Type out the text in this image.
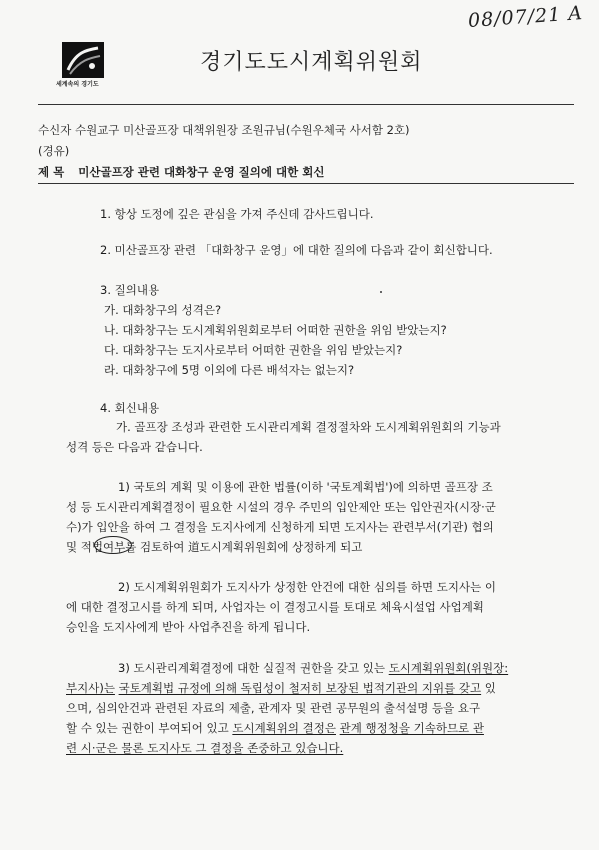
08/07/21 A
세계속의 경기도
경기도도시계획위원회
수신자 수원교구 미산골프장 대책위원장 조원규님(수원우체국 사서함 2호)
(경유)
제 목 미산골프장 관련 대화창구 운영 질의에 대한 회신
1. 항상 도정에 깊은 관심을 가져 주신데 감사드립니다.
2. 미산골프장 관련 「대화창구 운영」에 대한 질의에 다음과 같이 회신합니다.
3. 질의내용
가. 대화창구의 성격은?
나. 대화창구는 도시계획위원회로부터 어떠한 권한을 위임 받았는지?
다. 대화창구는 도지사로부터 어떠한 권한을 위임 받았는지?
라. 대화창구에 5명 이외에 다른 배석자는 없는지?
4. 회신내용
가. 골프장 조성과 관련한 도시관리계획 결정절차와 도시계획위원회의 기능과
성격 등은 다음과 같습니다.
1) 국토의 계획 및 이용에 관한 법률(이하 '국토계획법')에 의하면 골프장 조
성 등 도시관리계획결정이 필요한 시설의 경우 주민의 입안제안 또는 입안권자(시장·군
수)가 입안을 하여 그 결정을 도지사에게 신청하게 되면 도지사는 관련부서(기관) 협의
및 적법여부를 검토하여 道도시계획위원회에 상정하게 되고
2) 도시계획위원회가 도지사가 상정한 안건에 대한 심의를 하면 도지사는 이
에 대한 결정고시를 하게 되며, 사업자는 이 결정고시를 토대로 체육시설업 사업계획
승인을 도지사에게 받아 사업추진을 하게 됩니다.
3) 도시관리계획결정에 대한 실질적 권한을 갖고 있는 도시계획위원회(위원장:
부지사)는 국토계획법 규정에 의해 독립성이 철저히 보장된 법적기관의 지위를 갖고 있
으며, 심의안건과 관련된 자료의 제출, 관계자 및 관련 공무원의 출석설명 등을 요구
할 수 있는 권한이 부여되어 있고 도시계획위의 결정은 관계 행정청을 기속하므로 관
련 시·군은 물론 도지사도 그 결정을 존중하고 있습니다.
